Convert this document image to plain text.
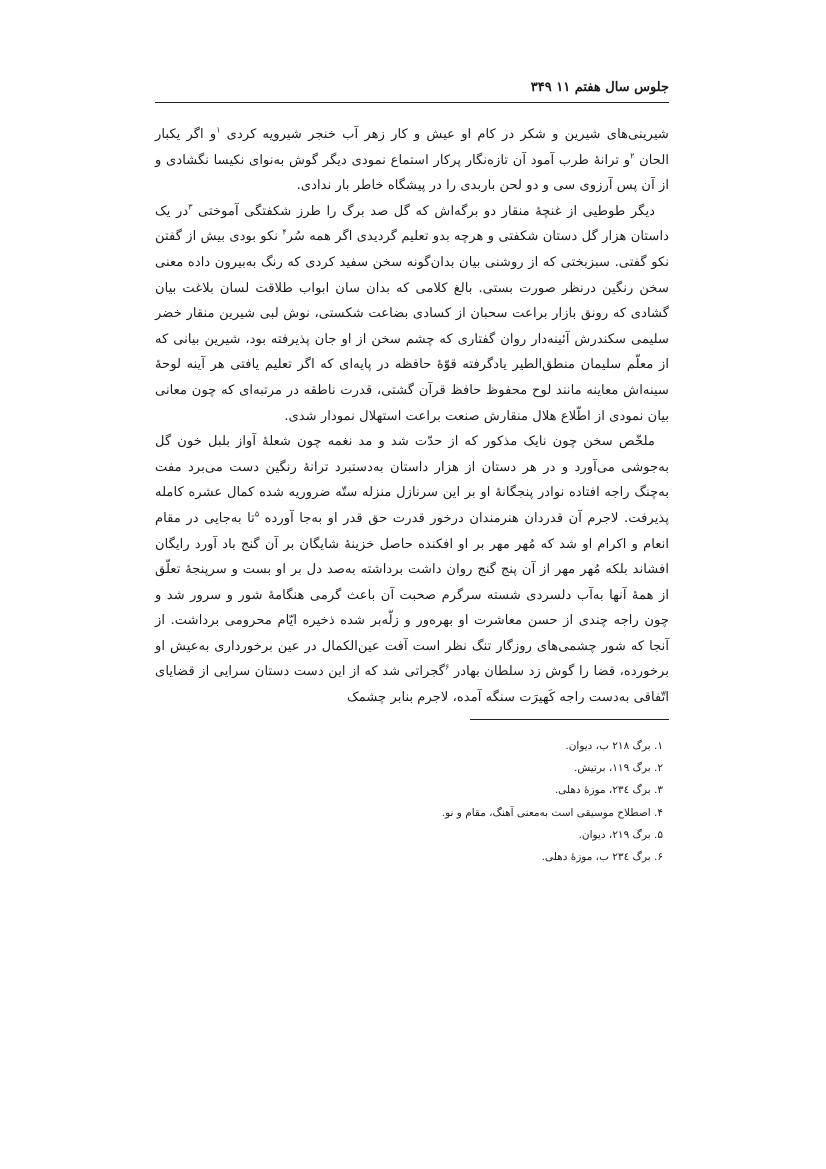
جلوس سال هفتم ۱۱ ۳۴۹

شیرینی‌های شیرین و شکر در کام او عیش و کار زهر آب خنجر شیرویه کردی $^۱$و اگر یکبار الحان $^۲$و ترانهٔ طرب آمود آن تازه‌نگار پرکار استماع نمودی دیگر گوش به‌نوای نکیسا نگشادی و از آن پس آرزوی سی و دو لحن باربدی را در پیشگاه خاطر بار ندادی.

دیگر طوطیی از غنچهٔ منقار دو برگه‌اش که گل صد برگ را طرز شکفتگی آموختی $^۳$در یک داستان هزار گل دستان شکفتی و هرچه بدو تعلیم گردیدی اگر همه سُر$^۴$ نکو بودی بیش از گفتن نکو گفتی. سبزبختی که از روشنی بیان بدان‌گونه سخن سفید کردی که رنگ به‌بیرون داده معنی سخن رنگین درنظر صورت بستی. بالغ کلامی که بدان سان ابواب طلاقت لسان بلاغت بیان گشادی که رونق بازار براعت سحبان از کسادی بضاعت شکستی، نوش لبی شیرین منقار خضر سلیمی سکندرش آئینه‌دار روان گفتاری که چشم سخن از او جان پذیرفته بود، شیرین بیانی که از معلّم سلیمان منطق‌الطیر یادگرفته قوّهٔ حافظه در پایه‌ای که اگر تعلیم یافتی هر آینه لوحهٔ سینه‌اش معاینه مانند لوح محفوظ حافظ قرآن گشتی، قدرت ناطقه در مرتبه‌ای که چون معانی بیان نمودی از اطّلاع هلال منقارش صنعت براعت استهلال نمودار شدی.

ملخّص سخن چون نایک مذکور که از حدّت شد و مد نغمه چون شعلهٔ آواز بلبل خون گل به‌جوشی می‌آورد و در هر دستان از هزار داستان به‌دستبرد ترانهٔ رنگین دست می‌برد مفت به‌چنگ راجه افتاده نوادر پنجگانهٔ او بر این سرنازل منزله ستّه ضروریه شده کمال عشره کامله پذیرفت. لاجرم آن قدردان هنرمندان درخور قدرت حق قدر او به‌جا آورده $^۵$تا به‌جایی در مقام انعام و اکرام او شد که مُهر مهر بر او افکنده حاصل خزینهٔ شایگان بر آن گنج باد آورد رایگان افشاند بلکه مُهر مهر از آن پنج گنج روان داشت برداشته به‌صد دل بر او بست و سرپنجهٔ تعلّق از همهٔ آنها به‌آب دلسردی شسته سرگرم صحبت آن باعث گرمی هنگامهٔ شور و سرور شد و چون راجه چندی از حسن معاشرت او بهره‌ور و زلّه‌بر شده ذخیره ایّام محرومی برداشت. از آنجا که شور چشمی‌های روزگار تنگ نظر است آفت عین‌الکمال در عین برخورداری به‌عیش او برخورده، قضا را گوش زد سلطان بهادر $^۶$گجراتی شد که از این دست دستان سرایی از قضایای اتّفاقی به‌دست راجه کَهیرَت سنگه آمده، لاجرم بنابر چشمک

۱. برگ ۲۱۸ ب، دیوان.
۲. برگ ۱۱۹، برتیش.
۳. برگ ۲۳٤، موزهٔ دهلی.
۴. اصطلاح موسیقی است به‌معنی آهنگ، مقام و نو.
۵. برگ ۲۱۹، دیوان.
۶. برگ ۲۳٤ ب، موزهٔ دهلی.
